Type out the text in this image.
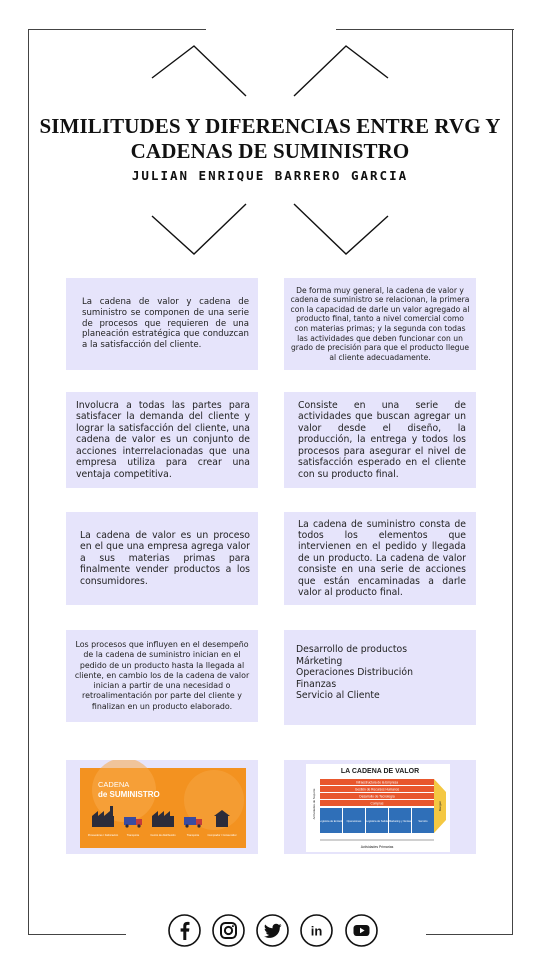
SIMILITUDES Y DIFERENCIAS ENTRE RVG Y CADENAS DE SUMINISTRO
JULIAN ENRIQUE BARRERO GARCIA

La cadena de valor y cadena de suministro se componen de una serie de procesos que requieren de una planeación estratégica que conduzcan a la satisfacción del cliente.

De forma muy general, la cadena de valor y cadena de suministro se relacionan, la primera con la capacidad de darle un valor agregado al producto final, tanto a nivel comercial como con materias primas; y la segunda con todas las actividades que deben funcionar con un grado de precisión para que el producto llegue al cliente adecuadamente.

Involucra a todas las partes para satisfacer la demanda del cliente y lograr la satisfacción del cliente, una cadena de valor es un conjunto de acciones interrelacionadas que una empresa utiliza para crear una ventaja competitiva.

Consiste en una serie de actividades que buscan agregar un valor desde el diseño, la producción, la entrega y todos los procesos para asegurar el nivel de satisfacción esperado en el cliente con su producto final.

La cadena de valor es un proceso en el que una empresa agrega valor a sus materias primas para finalmente vender productos a los consumidores.

La cadena de suministro consta de todos los elementos que intervienen en el pedido y llegada de un producto. La cadena de valor consiste en una serie de acciones que están encaminadas a darle valor al producto final.

Los procesos que influyen en el desempeño de la cadena de suministro inician en el pedido de un producto hasta la llegada al cliente, en cambio los de la cadena de valor inician a partir de una necesidad o retroalimentación por parte del cliente y finalizan en un producto elaborado.

Desarrollo de productos
Márketing
Operaciones Distribución
Finanzas
Servicio al Cliente
CADENA
de SUMINISTRO
Proveedores / Fabricación	Transporte	Centro de distribución	Transporte	Comprador / Consumidor
LA CADENA DE VALOR
Actividades de Soporte
Infraestructura de la Empresa
Gestión de Recursos Humanos
Desarrollo de Tecnología
Compras	Margen
Logística de Entrada Operaciones Logística de Salida Marketing y Ventas	Servicio
Actividades Primarias
in
